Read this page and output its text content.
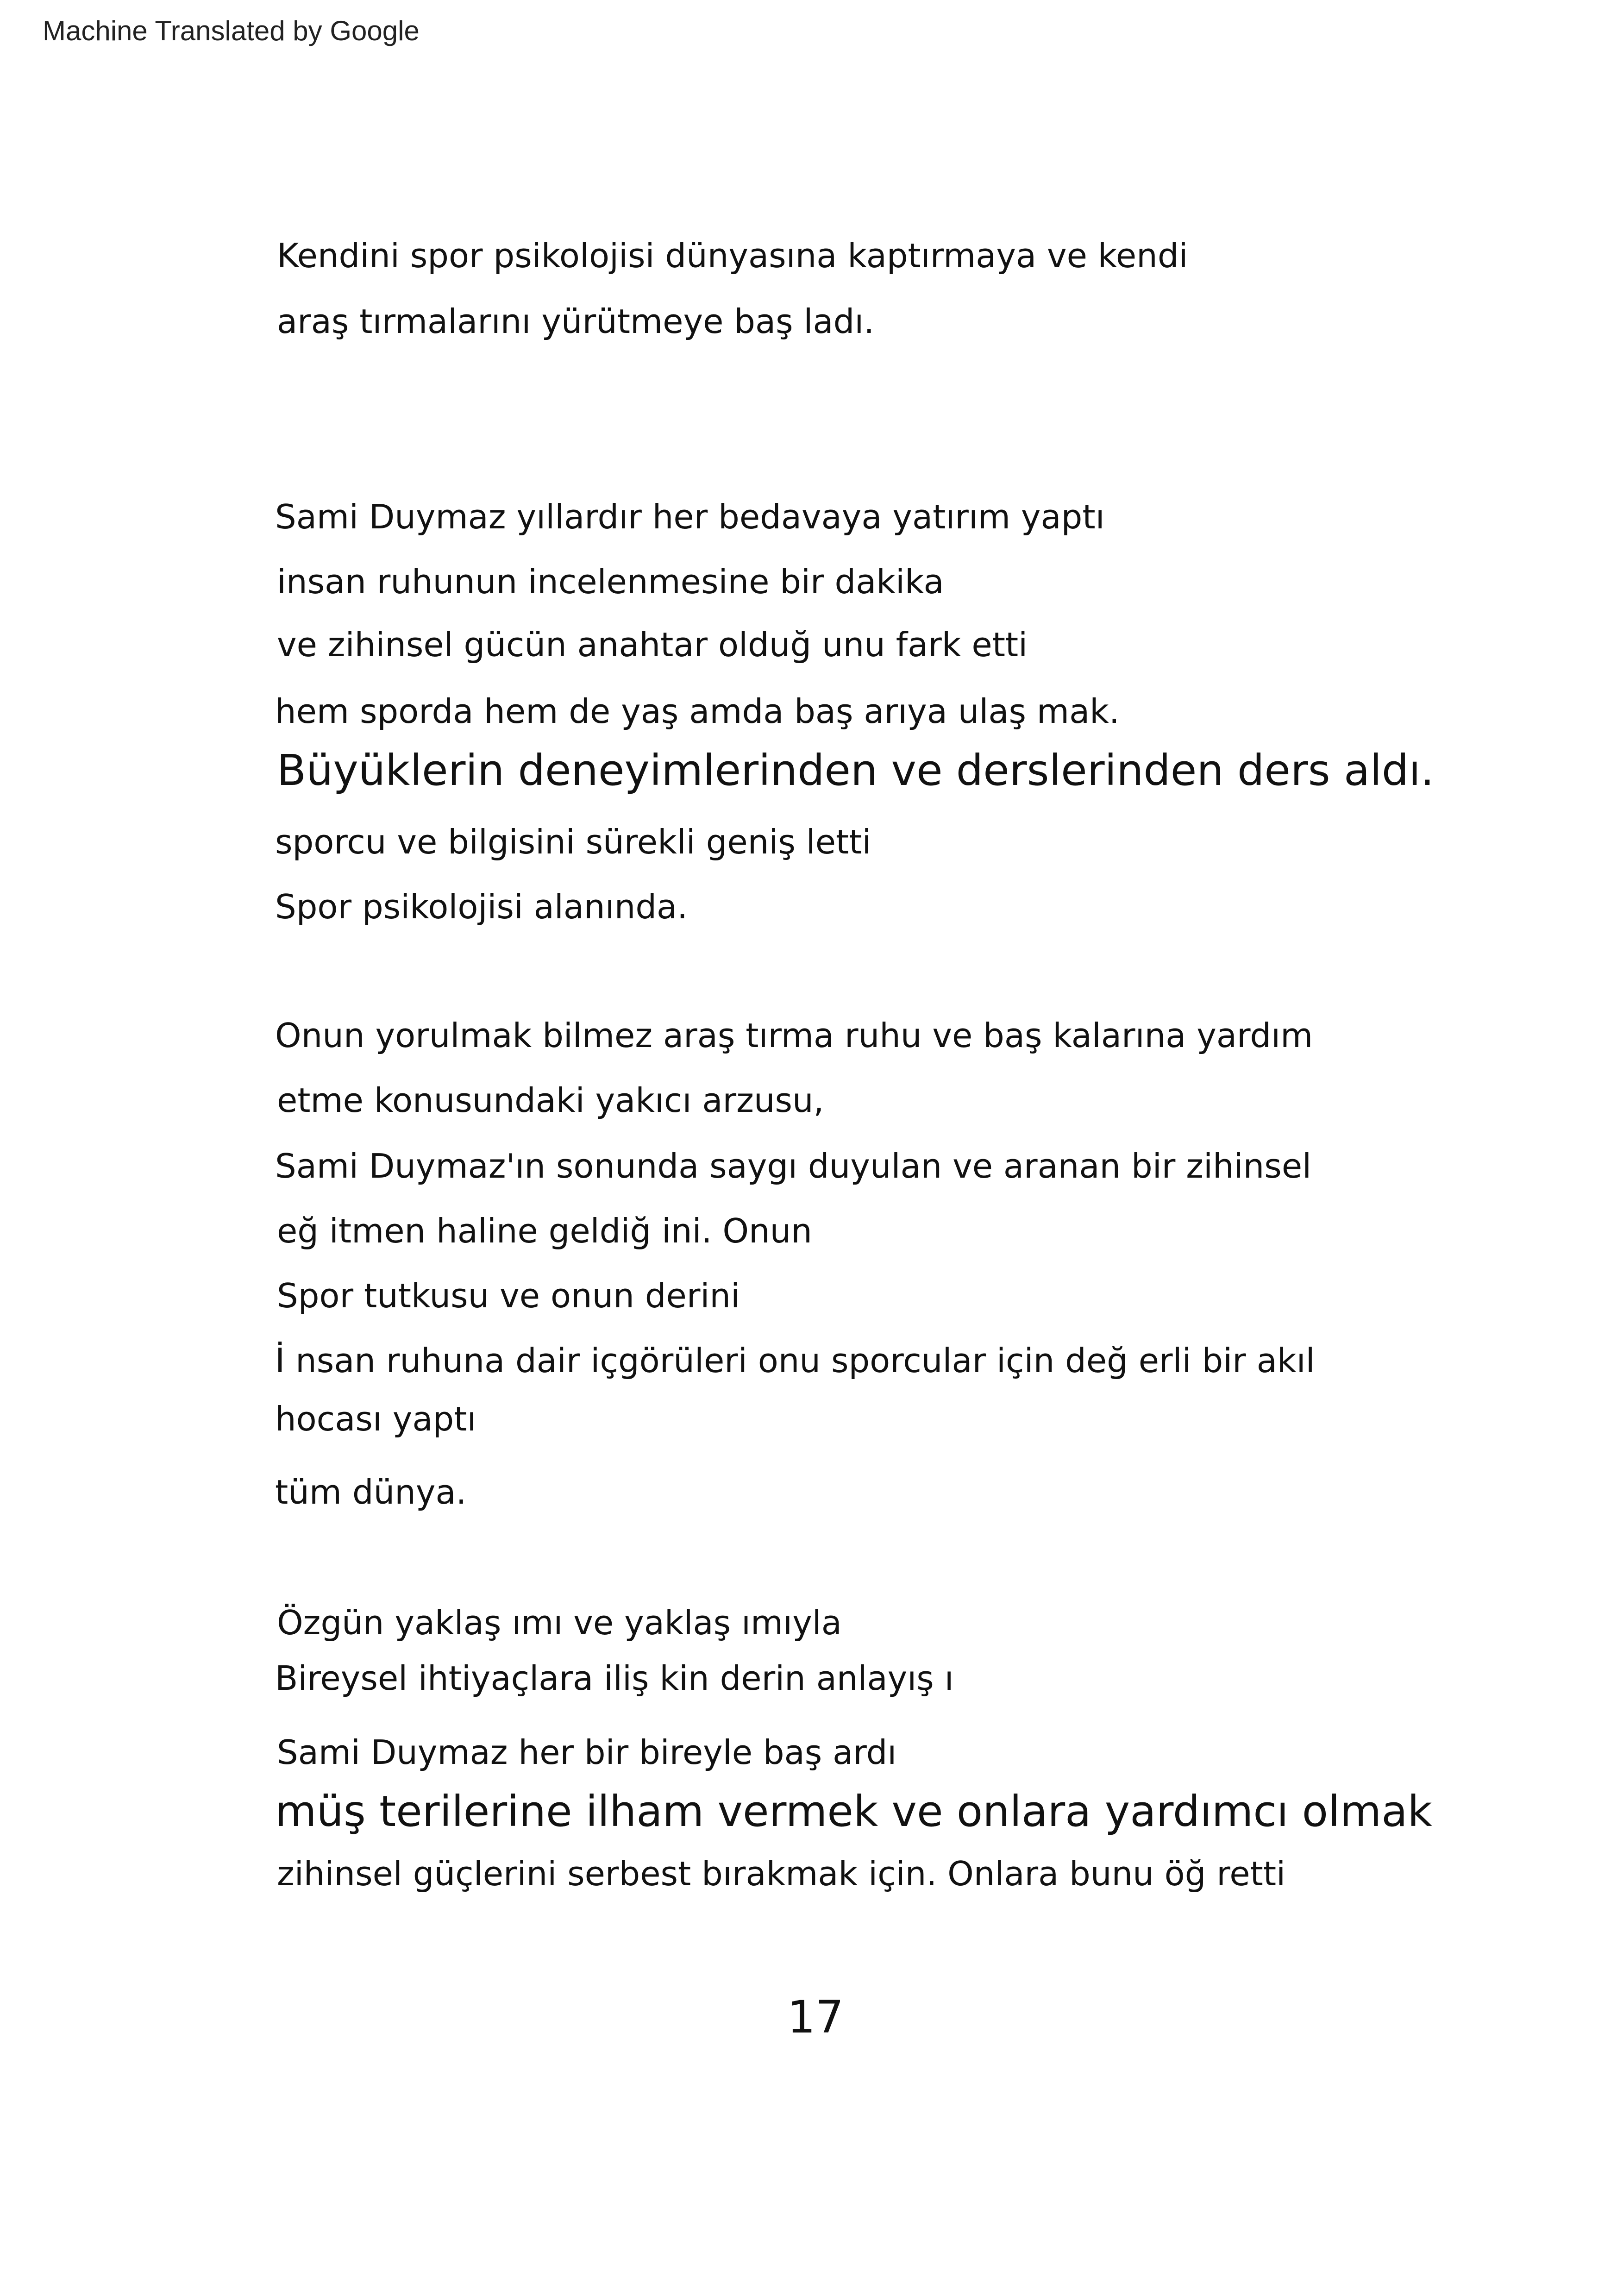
Machine Translated by Google
Kendini spor psikolojisi dünyasına kaptırmaya ve kendi
araş tırmalarını yürütmeye baş ladı.
Sami Duymaz yıllardır her bedavaya yatırım yaptı
insan ruhunun incelenmesine bir dakika
ve zihinsel gücün anahtar olduğ unu fark etti
hem sporda hem de yaş amda baş arıya ulaş mak.
Büyüklerin deneyimlerinden ve derslerinden ders aldı.
sporcu ve bilgisini sürekli geniş letti
Spor psikolojisi alanında.
Onun yorulmak bilmez araş tırma ruhu ve baş kalarına yardım
etme konusundaki yakıcı arzusu,
Sami Duymaz'ın sonunda saygı duyulan ve aranan bir zihinsel
eğ itmen haline geldiğ ini. Onun
Spor tutkusu ve onun derini
İ nsan ruhuna dair içgörüleri onu sporcular için değ erli bir akıl
hocası yaptı
tüm dünya.
Özgün yaklaş ımı ve yaklaş ımıyla
Bireysel ihtiyaçlara iliş kin derin anlayış ı
Sami Duymaz her bir bireyle baş ardı
müş terilerine ilham vermek ve onlara yardımcı olmak
zihinsel güçlerini serbest bırakmak için. Onlara bunu öğ retti
17
